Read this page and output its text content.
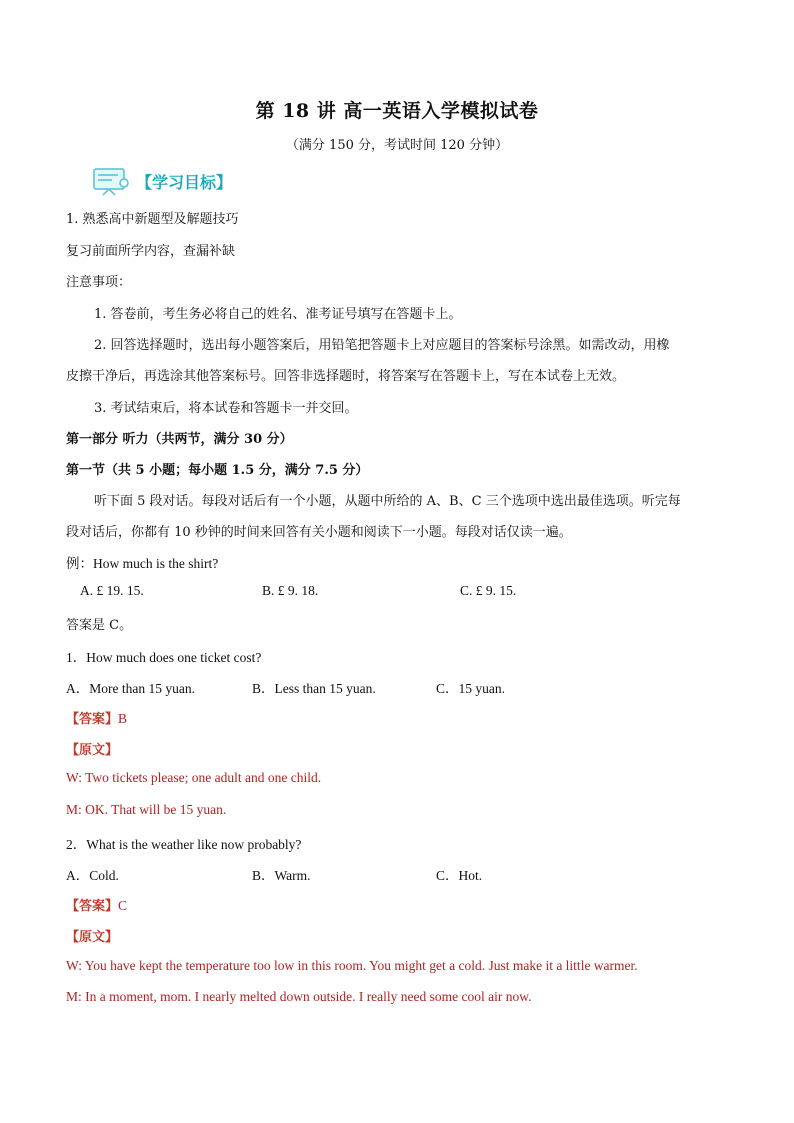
第 18 讲 高一英语入学模拟试卷
（满分 150 分，考试时间 120 分钟）
【学习目标】
1. 熟悉高中新题型及解题技巧
复习前面所学内容，查漏补缺
注意事项：
1. 答卷前，考生务必将自己的姓名、准考证号填写在答题卡上。
2. 回答选择题时，选出每小题答案后，用铅笔把答题卡上对应题目的答案标号涂黑。如需改动，用橡
皮擦干净后，再选涂其他答案标号。回答非选择题时，将答案写在答题卡上，写在本试卷上无效。
3. 考试结束后，将本试卷和答题卡一并交回。
第一部分 听力（共两节，满分 30 分）
第一节（共 5 小题；每小题 1.5 分，满分 7.5 分）
听下面 5 段对话。每段对话后有一个小题，从题中所给的 A、B、C 三个选项中选出最佳选项。听完每
段对话后，你都有 10 秒钟的时间来回答有关小题和阅读下一小题。每段对话仅读一遍。
例：How much is the shirt?
A. £ 19. 15.	B. £ 9. 18.	C. £ 9. 15.
答案是 C。
1．How much does one ticket cost?
A．More than 15 yuan.	B．Less than 15 yuan.	C．15 yuan.
【答案】B
【原文】
W: Two tickets please; one adult and one child.
M: OK. That will be 15 yuan.
2．What is the weather like now probably?
A．Cold.	B．Warm.	C．Hot.
【答案】C
【原文】
W: You have kept the temperature too low in this room. You might get a cold. Just make it a little warmer.
M: In a moment, mom. I nearly melted down outside. I really need some cool air now.
